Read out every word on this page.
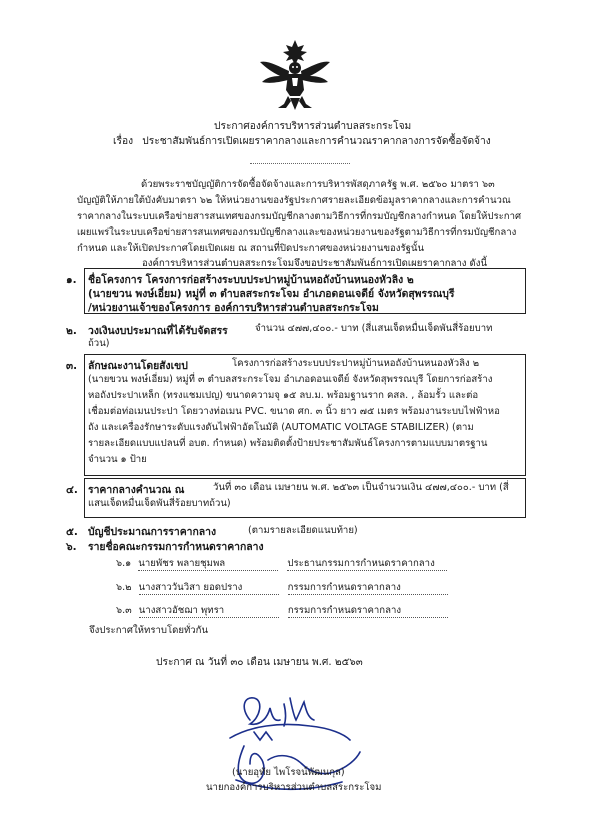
ประกาศองค์การบริหารส่วนตำบลสระกระโจม
เรื่อง ประชาสัมพันธ์การเปิดเผยราคากลางและการคำนวณราคากลางการจัดซื้อจัดจ้าง
ด้วยพระราชบัญญัติการจัดซื้อจัดจ้างและการบริหารพัสดุภาครัฐ พ.ศ. ๒๕๖๐ มาตรา ๖๓
บัญญัติให้ภายใต้บังคับมาตรา ๖๒ ให้หน่วยงานของรัฐประกาศรายละเอียดข้อมูลราคากลางและการคำนวณ
ราคากลางในระบบเครือข่ายสารสนเทศของกรมบัญชีกลางตามวิธีการที่กรมบัญชีกลางกำหนด โดยให้ประกาศ
เผยแพร่ในระบบเครือข่ายสารสนเทศของกรมบัญชีกลางและของหน่วยงานของรัฐตามวิธีการที่กรมบัญชีกลาง
กำหนด และให้เปิดประกาศโดยเปิดเผย ณ สถานที่ปิดประกาศของหน่วยงานของรัฐนั้น
องค์การบริหารส่วนตำบลสระกระโจมจึงขอประชาสัมพันธ์การเปิดเผยราคากลาง ดังนี้
๑. ชื่อโครงการ โครงการก่อสร้างระบบประปาหมู่บ้านหอถังบ้านหนองหัวลิง ๒
(นายขวน พงษ์เอี่ยม) หมู่ที่ ๓ ตำบลสระกระโจม อำเภอดอนเจดีย์ จังหวัดสุพรรณบุรี
/หน่วยงานเจ้าของโครงการ องค์การบริหารส่วนตำบลสระกระโจม
๒. วงเงินงบประมาณที่ได้รับจัดสรร	จำนวน ๔๗๗,๔๐๐.- บาท (สี่แสนเจ็ดหมื่นเจ็ดพันสี่ร้อยบาท
ถ้วน)
๓. ลักษณะงานโดยสังเขป	โครงการก่อสร้างระบบประปาหมู่บ้านหอถังบ้านหนองหัวลิง ๒
(นายขวน พงษ์เอี่ยม) หมู่ที่ ๓ ตำบลสระกระโจม อำเภอดอนเจดีย์ จังหวัดสุพรรณบุรี โดยการก่อสร้าง
หอถังประปาเหล็ก (ทรงแชมเปญ) ขนาดความจุ ๑๕ ลบ.ม. พร้อมฐานราก คสล. , ล้อมรั้ว และต่อ
เชื่อมต่อท่อเมนประปา โดยวางท่อเมน PVC. ขนาด ศก. ๓ นิ้ว ยาว ๗๕ เมตร พร้อมงานระบบไฟฟ้าหอ
ถัง และเครื่องรักษาระดับแรงดันไฟฟ้าอัตโนมัติ (AUTOMATIC VOLTAGE STABILIZER) (ตาม
รายละเอียดแบบแปลนที่ อบต. กำหนด) พร้อมติดตั้งป้ายประชาสัมพันธ์โครงการตามแบบมาตรฐาน
จำนวน ๑ ป้าย
๔. ราคากลางคำนวณ ณ	วันที่ ๓๐ เดือน เมษายน พ.ศ. ๒๕๖๓ เป็นจำนวนเงิน ๔๗๗,๔๐๐.- บาท (สี่
แสนเจ็ดหมื่นเจ็ดพันสี่ร้อยบาทถ้วน)
๕. บัญชีประมาณการราคากลาง	(ตามรายละเอียดแนบท้าย)
๖. รายชื่อคณะกรรมการกำหนดราคากลาง
๖.๑ นายพัชร พลายชุมพล	ประธานกรรมการกำหนดราคากลาง
๖.๒ นางสาววันวิสา ยอดปราง	กรรมการกำหนดราคากลาง
๖.๓ นางสาวอัชฌา พุทรา	กรรมการกำหนดราคากลาง
จึงประกาศให้ทราบโดยทั่วกัน
ประกาศ ณ วันที่ ๓๐ เดือน เมษายน พ.ศ. ๒๕๖๓
(นายอุทัย ไพโรจน์พัฒนกุล)
นายกองค์การบริหารส่วนตำบลสระกระโจม
